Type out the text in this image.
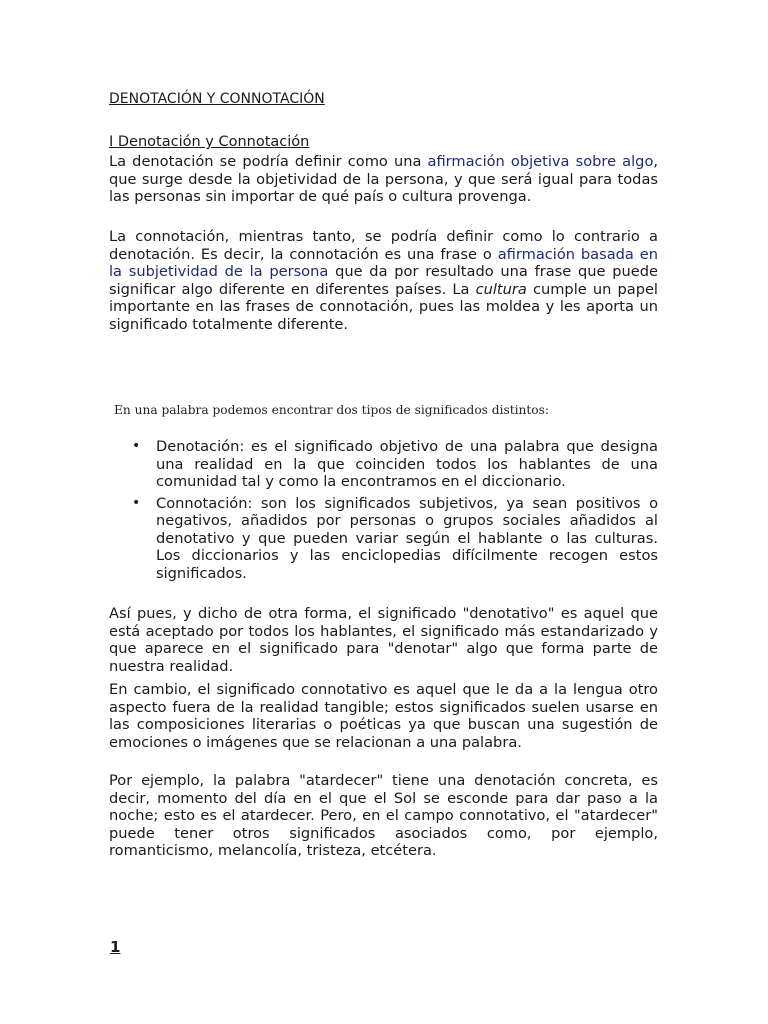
DENOTACIÓN Y CONNOTACIÓN
I Denotación y Connotación

La denotación se podría definir como una afirmación objetiva sobre algo, que surge desde la objetividad de la persona, y que será igual para todas las personas sin importar de qué país o cultura provenga.

La connotación, mientras tanto, se podría definir como lo contrario a denotación. Es decir, la connotación es una frase o afirmación basada en la subjetividad de la persona que da por resultado una frase que puede significar algo diferente en diferentes países. La cultura cumple un papel importante en las frases de connotación, pues las moldea y les aporta un significado totalmente diferente.

En una palabra podemos encontrar dos tipos de significados distintos:

• Denotación: es el significado objetivo de una palabra que designa una realidad en la que coinciden todos los hablantes de una comunidad tal y como la encontramos en el diccionario.
• Connotación: son los significados subjetivos, ya sean positivos o negativos, añadidos por personas o grupos sociales añadidos al denotativo y que pueden variar según el hablante o las culturas. Los diccionarios y las enciclopedias difícilmente recogen estos significados.

Así pues, y dicho de otra forma, el significado "denotativo" es aquel que está aceptado por todos los hablantes, el significado más estandarizado y que aparece en el significado para "denotar" algo que forma parte de nuestra realidad.

En cambio, el significado connotativo es aquel que le da a la lengua otro aspecto fuera de la realidad tangible; estos significados suelen usarse en las composiciones literarias o poéticas ya que buscan una sugestión de emociones o imágenes que se relacionan a una palabra.

Por ejemplo, la palabra "atardecer" tiene una denotación concreta, es decir, momento del día en el que el Sol se esconde para dar paso a la noche; esto es el atardecer. Pero, en el campo connotativo, el "atardecer" puede tener otros significados asociados como, por ejemplo, romanticismo, melancolía, tristeza, etcétera.

1
